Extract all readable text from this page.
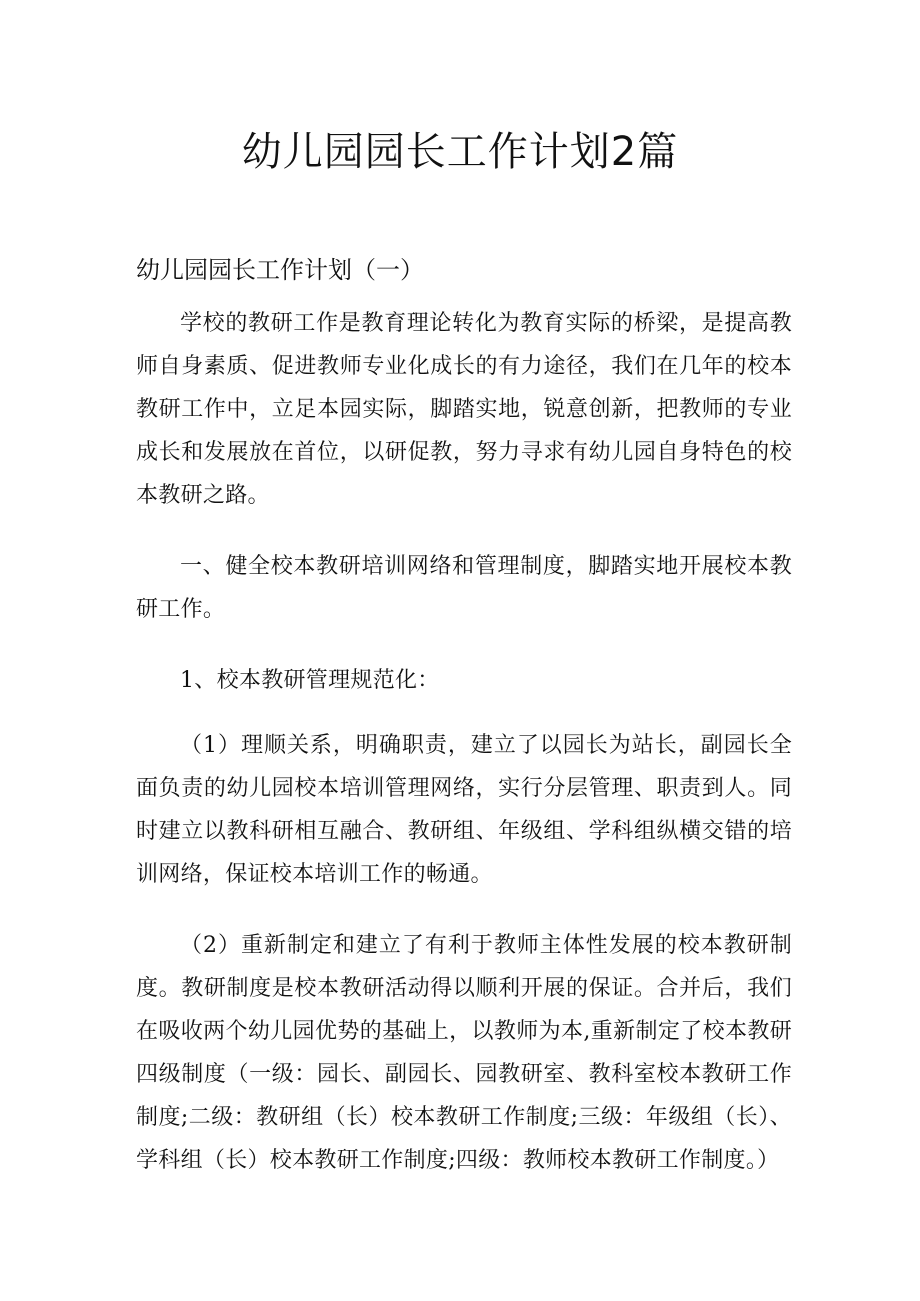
幼儿园园长工作计划2篇
幼儿园园长工作计划（一）

学校的教研工作是教育理论转化为教育实际的桥梁，是提高教师自身素质、促进教师专业化成长的有力途径，我们在几年的校本教研工作中，立足本园实际，脚踏实地，锐意创新，把教师的专业成长和发展放在首位，以研促教，努力寻求有幼儿园自身特色的校本教研之路。

一、健全校本教研培训网络和管理制度，脚踏实地开展校本教研工作。

1、校本教研管理规范化：

（1）理顺关系，明确职责，建立了以园长为站长，副园长全面负责的幼儿园校本培训管理网络，实行分层管理、职责到人。同时建立以教科研相互融合、教研组、年级组、学科组纵横交错的培训网络，保证校本培训工作的畅通。

（2）重新制定和建立了有利于教师主体性发展的校本教研制度。教研制度是校本教研活动得以顺利开展的保证。合并后，我们在吸收两个幼儿园优势的基础上，以教师为本,重新制定了校本教研四级制度（一级：园长、副园长、园教研室、教科室校本教研工作制度;二级：教研组（长）校本教研工作制度;三级：年级组（长）、学科组（长）校本教研工作制度;四级：教师校本教研工作制度。）
